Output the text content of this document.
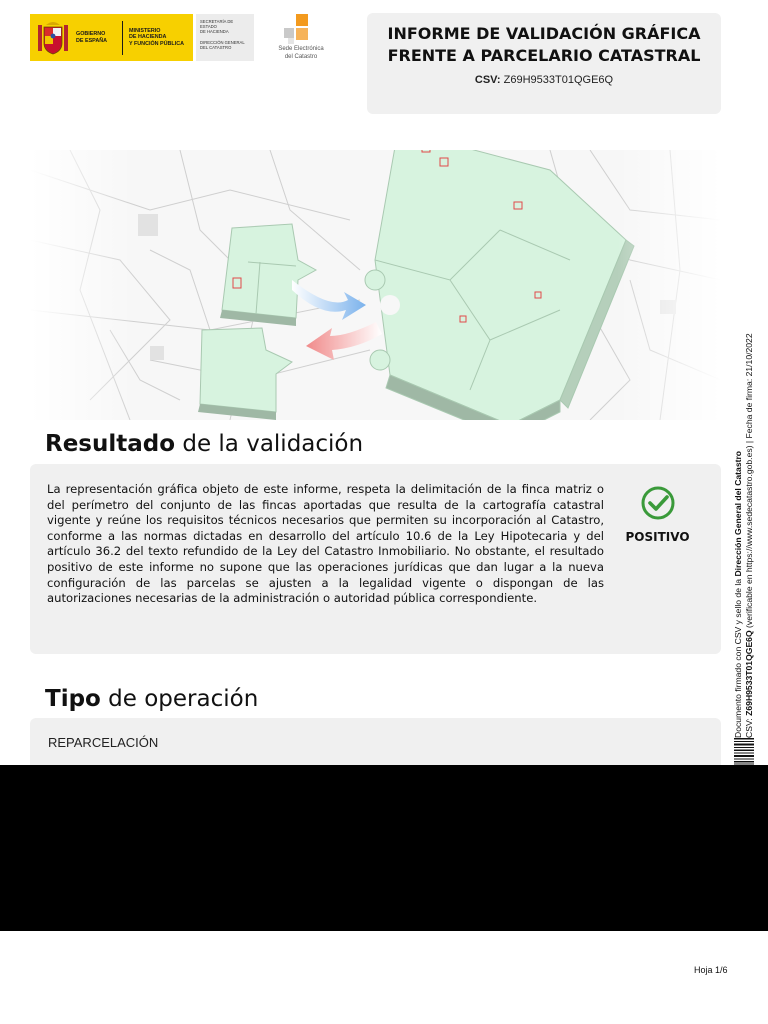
GOBIERNO
DE ESPAÑA
MINISTERIO
DE HACIENDA
Y FUNCIÓN PÚBLICA
SECRETARÍA DE ESTADO
DE HACIENDA
DIRECCIÓN GENERAL
DEL CATASTRO	Sede Electrónica
del Catastro
INFORME DE VALIDACIÓN GRÁFICA
FRENTE A PARCELARIO CATASTRAL
CSV: Z69H9533T01QGE6Q
Resultado de la validación
La representación gráfica objeto de este informe, respeta la delimitación de la finca matriz o del perímetro del conjunto de las fincas aportadas que resulta de la cartografía catastral vigente y reúne los requisitos técnicos necesarios que permiten su incorporación al Catastro, conforme a las normas dictadas en desarrollo del artículo 10.6 de la Ley Hipotecaria y del artículo 36.2 del texto refundido de la Ley del Catastro Inmobiliario. No obstante, el resultado positivo de este informe no supone que las operaciones jurídicas que dan lugar a la nueva configuración de las parcelas se ajusten a la legalidad vigente o dispongan de las autorizaciones necesarias de la administración o autoridad pública correspondiente.
POSITIVO
Tipo de operación
REPARCELACIÓN
Documento firmado con CSV y sello de la Dirección General del Catastro
CSV: Z69H9533T01QGE6Q (verificable en https://www.sedecatastro.gob.es) | Fecha de firma: 21/10/2022
Hoja 1/6
